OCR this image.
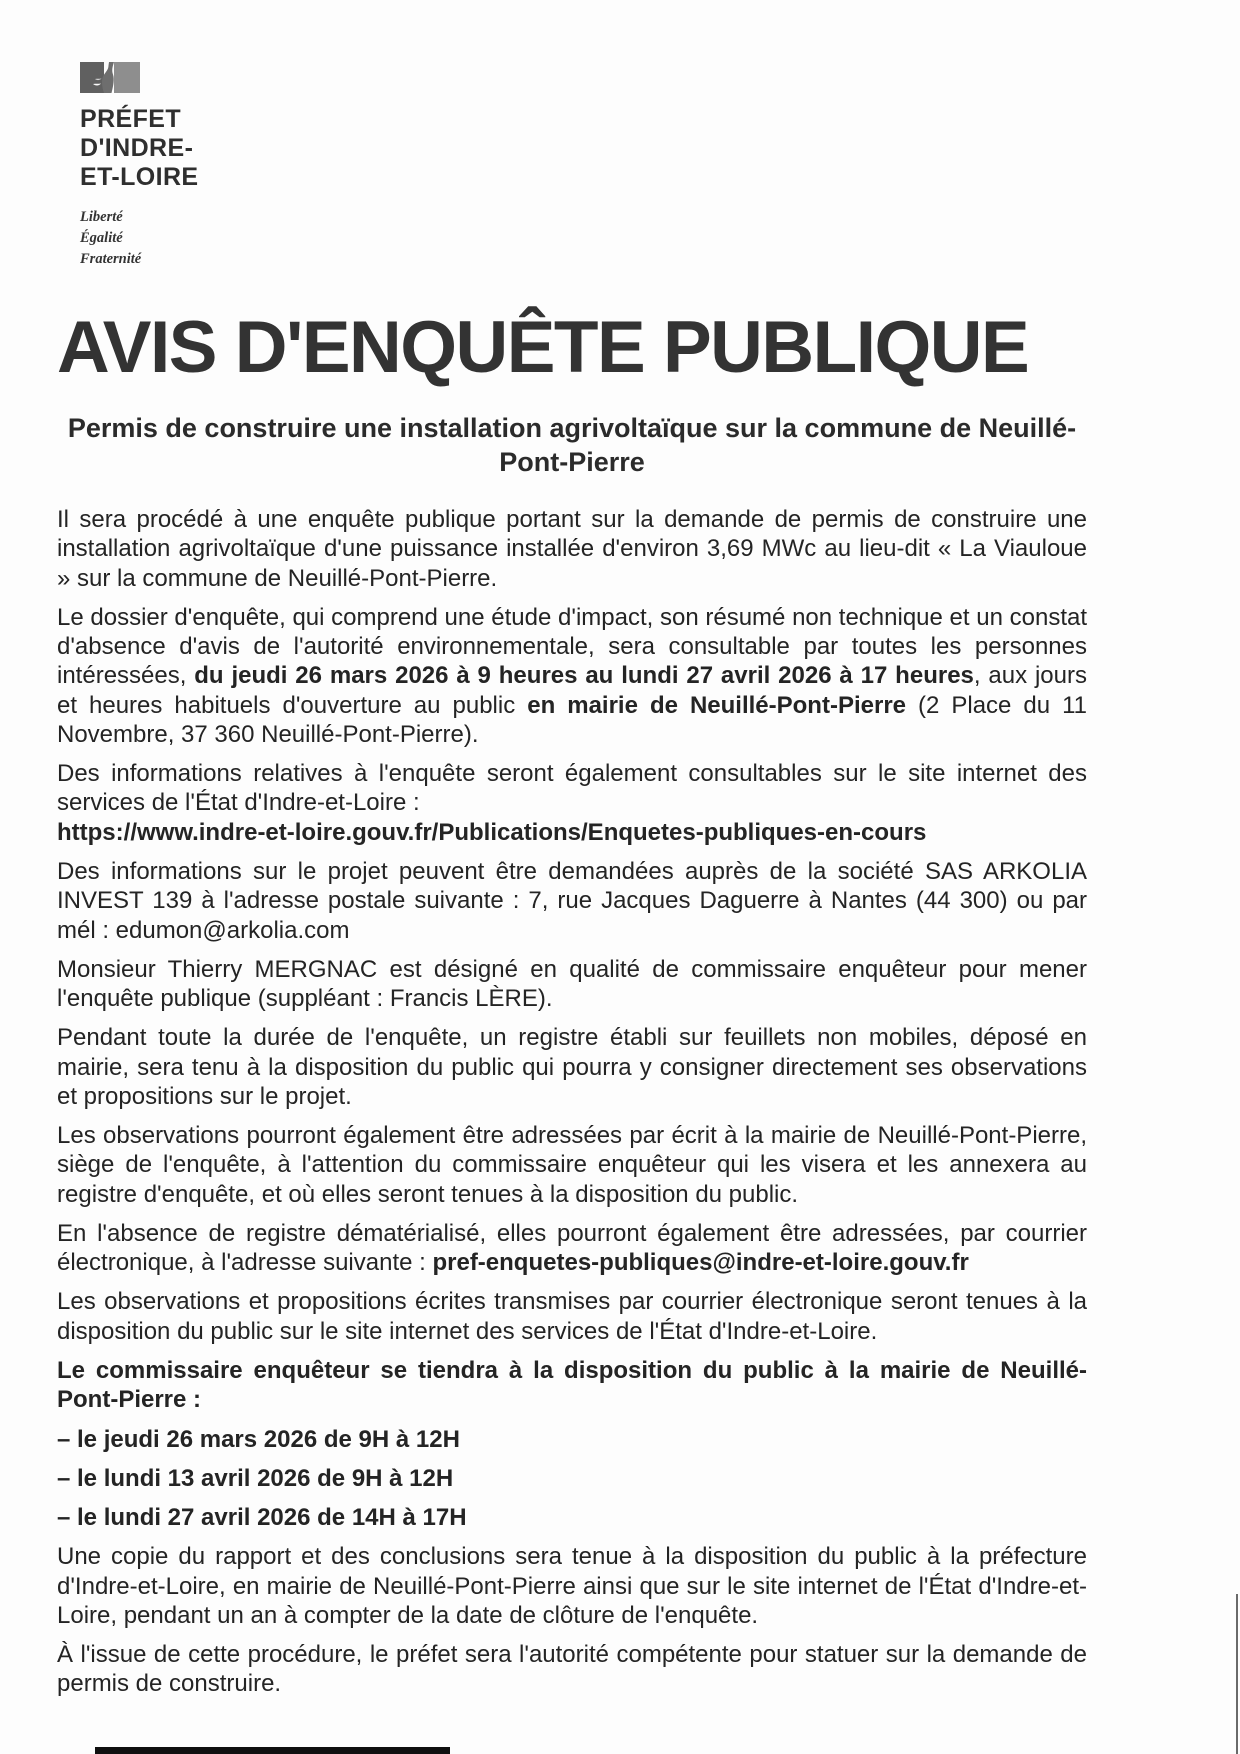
PRÉFET
D'INDRE-
ET-LOIRE
Liberté
Égalité
Fraternité
AVIS D'ENQUÊTE PUBLIQUE
Permis de construire une installation agrivoltaïque sur la commune de Neuillé-Pont-Pierre

Il sera procédé à une enquête publique portant sur la demande de permis de construire une installation agrivoltaïque d'une puissance installée d'environ 3,69 MWc au lieu-dit « La Viauloue » sur la commune de Neuillé-Pont-Pierre.

Le dossier d'enquête, qui comprend une étude d'impact, son résumé non technique et un constat d'absence d'avis de l'autorité environnementale, sera consultable par toutes les personnes intéressées, du jeudi 26 mars 2026 à 9 heures au lundi 27 avril 2026 à 17 heures, aux jours et heures habituels d'ouverture au public en mairie de Neuillé-Pont-Pierre (2 Place du 11 Novembre, 37 360 Neuillé-Pont-Pierre).

Des informations relatives à l'enquête seront également consultables sur le site internet des services de l'État d'Indre-et-Loire :

https://www.indre-et-loire.gouv.fr/Publications/Enquetes-publiques-en-cours

Des informations sur le projet peuvent être demandées auprès de la société SAS ARKOLIA INVEST 139 à l'adresse postale suivante : 7, rue Jacques Daguerre à Nantes (44 300) ou par mél : edumon@arkolia.com

Monsieur Thierry MERGNAC est désigné en qualité de commissaire enquêteur pour mener l'enquête publique (suppléant : Francis LÈRE).

Pendant toute la durée de l'enquête, un registre établi sur feuillets non mobiles, déposé en mairie, sera tenu à la disposition du public qui pourra y consigner directement ses observations et propositions sur le projet.

Les observations pourront également être adressées par écrit à la mairie de Neuillé-Pont-Pierre, siège de l'enquête, à l'attention du commissaire enquêteur qui les visera et les annexera au registre d'enquête, et où elles seront tenues à la disposition du public.

En l'absence de registre dématérialisé, elles pourront également être adressées, par courrier électronique, à l'adresse suivante : pref-enquetes-publiques@indre-et-loire.gouv.fr

Les observations et propositions écrites transmises par courrier électronique seront tenues à la disposition du public sur le site internet des services de l'État d'Indre-et-Loire.

Le commissaire enquêteur se tiendra à la disposition du public à la mairie de Neuillé-Pont-Pierre :

– le jeudi 26 mars 2026 de 9H à 12H

– le lundi 13 avril 2026 de 9H à 12H

– le lundi 27 avril 2026 de 14H à 17H

Une copie du rapport et des conclusions sera tenue à la disposition du public à la préfecture d'Indre-et-Loire, en mairie de Neuillé-Pont-Pierre ainsi que sur le site internet de l'État d'Indre-et-Loire, pendant un an à compter de la date de clôture de l'enquête.

À l'issue de cette procédure, le préfet sera l'autorité compétente pour statuer sur la demande de permis de construire.
